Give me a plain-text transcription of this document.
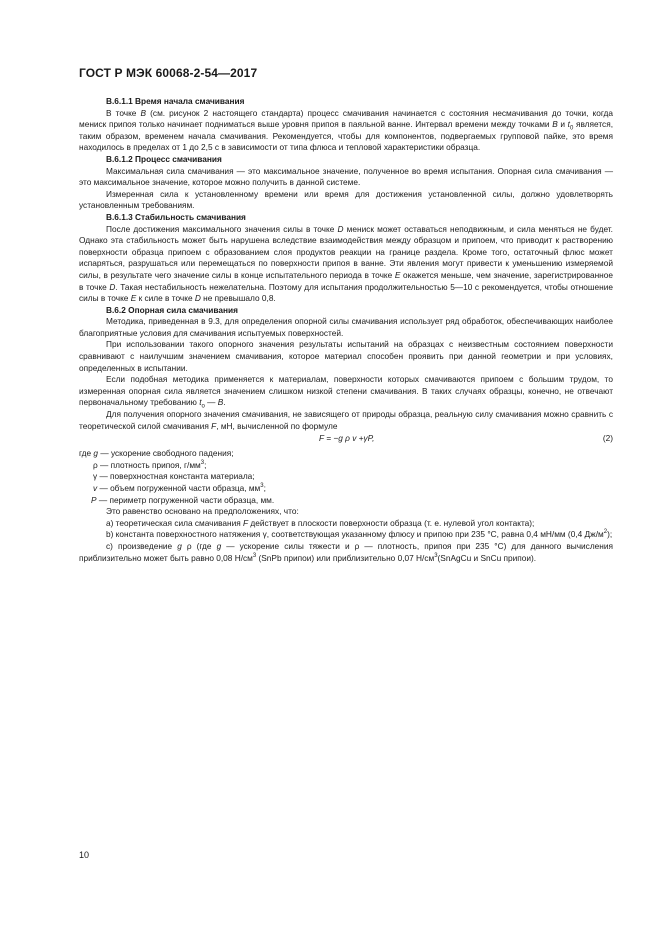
ГОСТ Р МЭК 60068-2-54—2017

В.6.1.1 Время начала смачивания

В точке B (см. рисунок 2 настоящего стандарта) процесс смачивания начинается с состояния несмачивания до точки, когда мениск припоя только начинает подниматься выше уровня припоя в паяльной ванне. Интервал времени между точками B и $t_0$ является, таким образом, временем начала смачивания. Рекомендуется, чтобы для компонентов, подвергаемых групповой пайке, это время находилось в пределах от 1 до 2,5 с в зависимости от типа флюса и тепловой характеристики образца.

В.6.1.2 Процесс смачивания

Максимальная сила смачивания — это максимальное значение, полученное во время испытания. Опорная сила смачивания — это максимальное значение, которое можно получить в данной системе.

Измеренная сила к установленному времени или время для достижения установленной силы, должно удовлетворять установленным требованиям.

В.6.1.3 Стабильность смачивания

После достижения максимального значения силы в точке D мениск может оставаться неподвижным, и сила меняться не будет. Однако эта стабильность может быть нарушена вследствие взаимодействия между образцом и припоем, что приводит к растворению поверхности образца припоем с образованием слоя продуктов реакции на границе раздела. Кроме того, остаточный флюс может испаряться, разрушаться или перемещаться по поверхности припоя в ванне. Эти явления могут привести к уменьшению измеряемой силы, в результате чего значение силы в конце испытательного периода в точке E окажется меньше, чем значение, зарегистрированное в точке D. Такая нестабильность нежелательна. Поэтому для испытания продолжительностью 5—10 с рекомендуется, чтобы отношение силы в точке E к силе в точке D не превышало 0,8.

В.6.2 Опорная сила смачивания

Методика, приведенная в 9.3, для определения опорной силы смачивания использует ряд обработок, обеспечивающих наиболее благоприятные условия для смачивания испытуемых поверхностей.

При использовании такого опорного значения результаты испытаний на образцах с неизвестным состоянием поверхности сравнивают с наилучшим значением смачивания, которое материал способен проявить при данной геометрии и при условиях, определенных в испытании.

Если подобная методика применяется к материалам, поверхности которых смачиваются припоем с большим трудом, то измеренная опорная сила является значением слишком низкой степени смачивания. В таких случаях образцы, конечно, не отвечают первоначальному требованию $t_o$ — B.

Для получения опорного значения смачивания, не зависящего от природы образца, реальную силу смачивания можно сравнить с теоретической силой смачивания F, мН, вычисленной по формуле

F = −g ρ v +γP,	(2)

где g — ускорение свободного падения;

ρ — плотность припоя, $г/мм^3$;

γ — поверхностная константа материала;

v — объем погруженной части образца, $мм^3$;

P — периметр погруженной части образца, мм.

Это равенство основано на предположениях, что:

а) теоретическая сила смачивания F действует в плоскости поверхности образца (т. е. нулевой угол контакта);

b) константа поверхностного натяжения γ, соответствующая указанному флюсу и припою при 235 °С, равна 0,4 мН/мм (0,4 $Дж/м^2$);

с) произведение g ρ (где g — ускорение силы тяжести и ρ — плотность, припоя при 235 °С) для данного вычисления приблизительно может быть равно 0,08 $Н/см^3$ (SnPb припои) или приблизительно 0,07 $Н/см^3(SnAgCu$ и SnCu припои).

10
